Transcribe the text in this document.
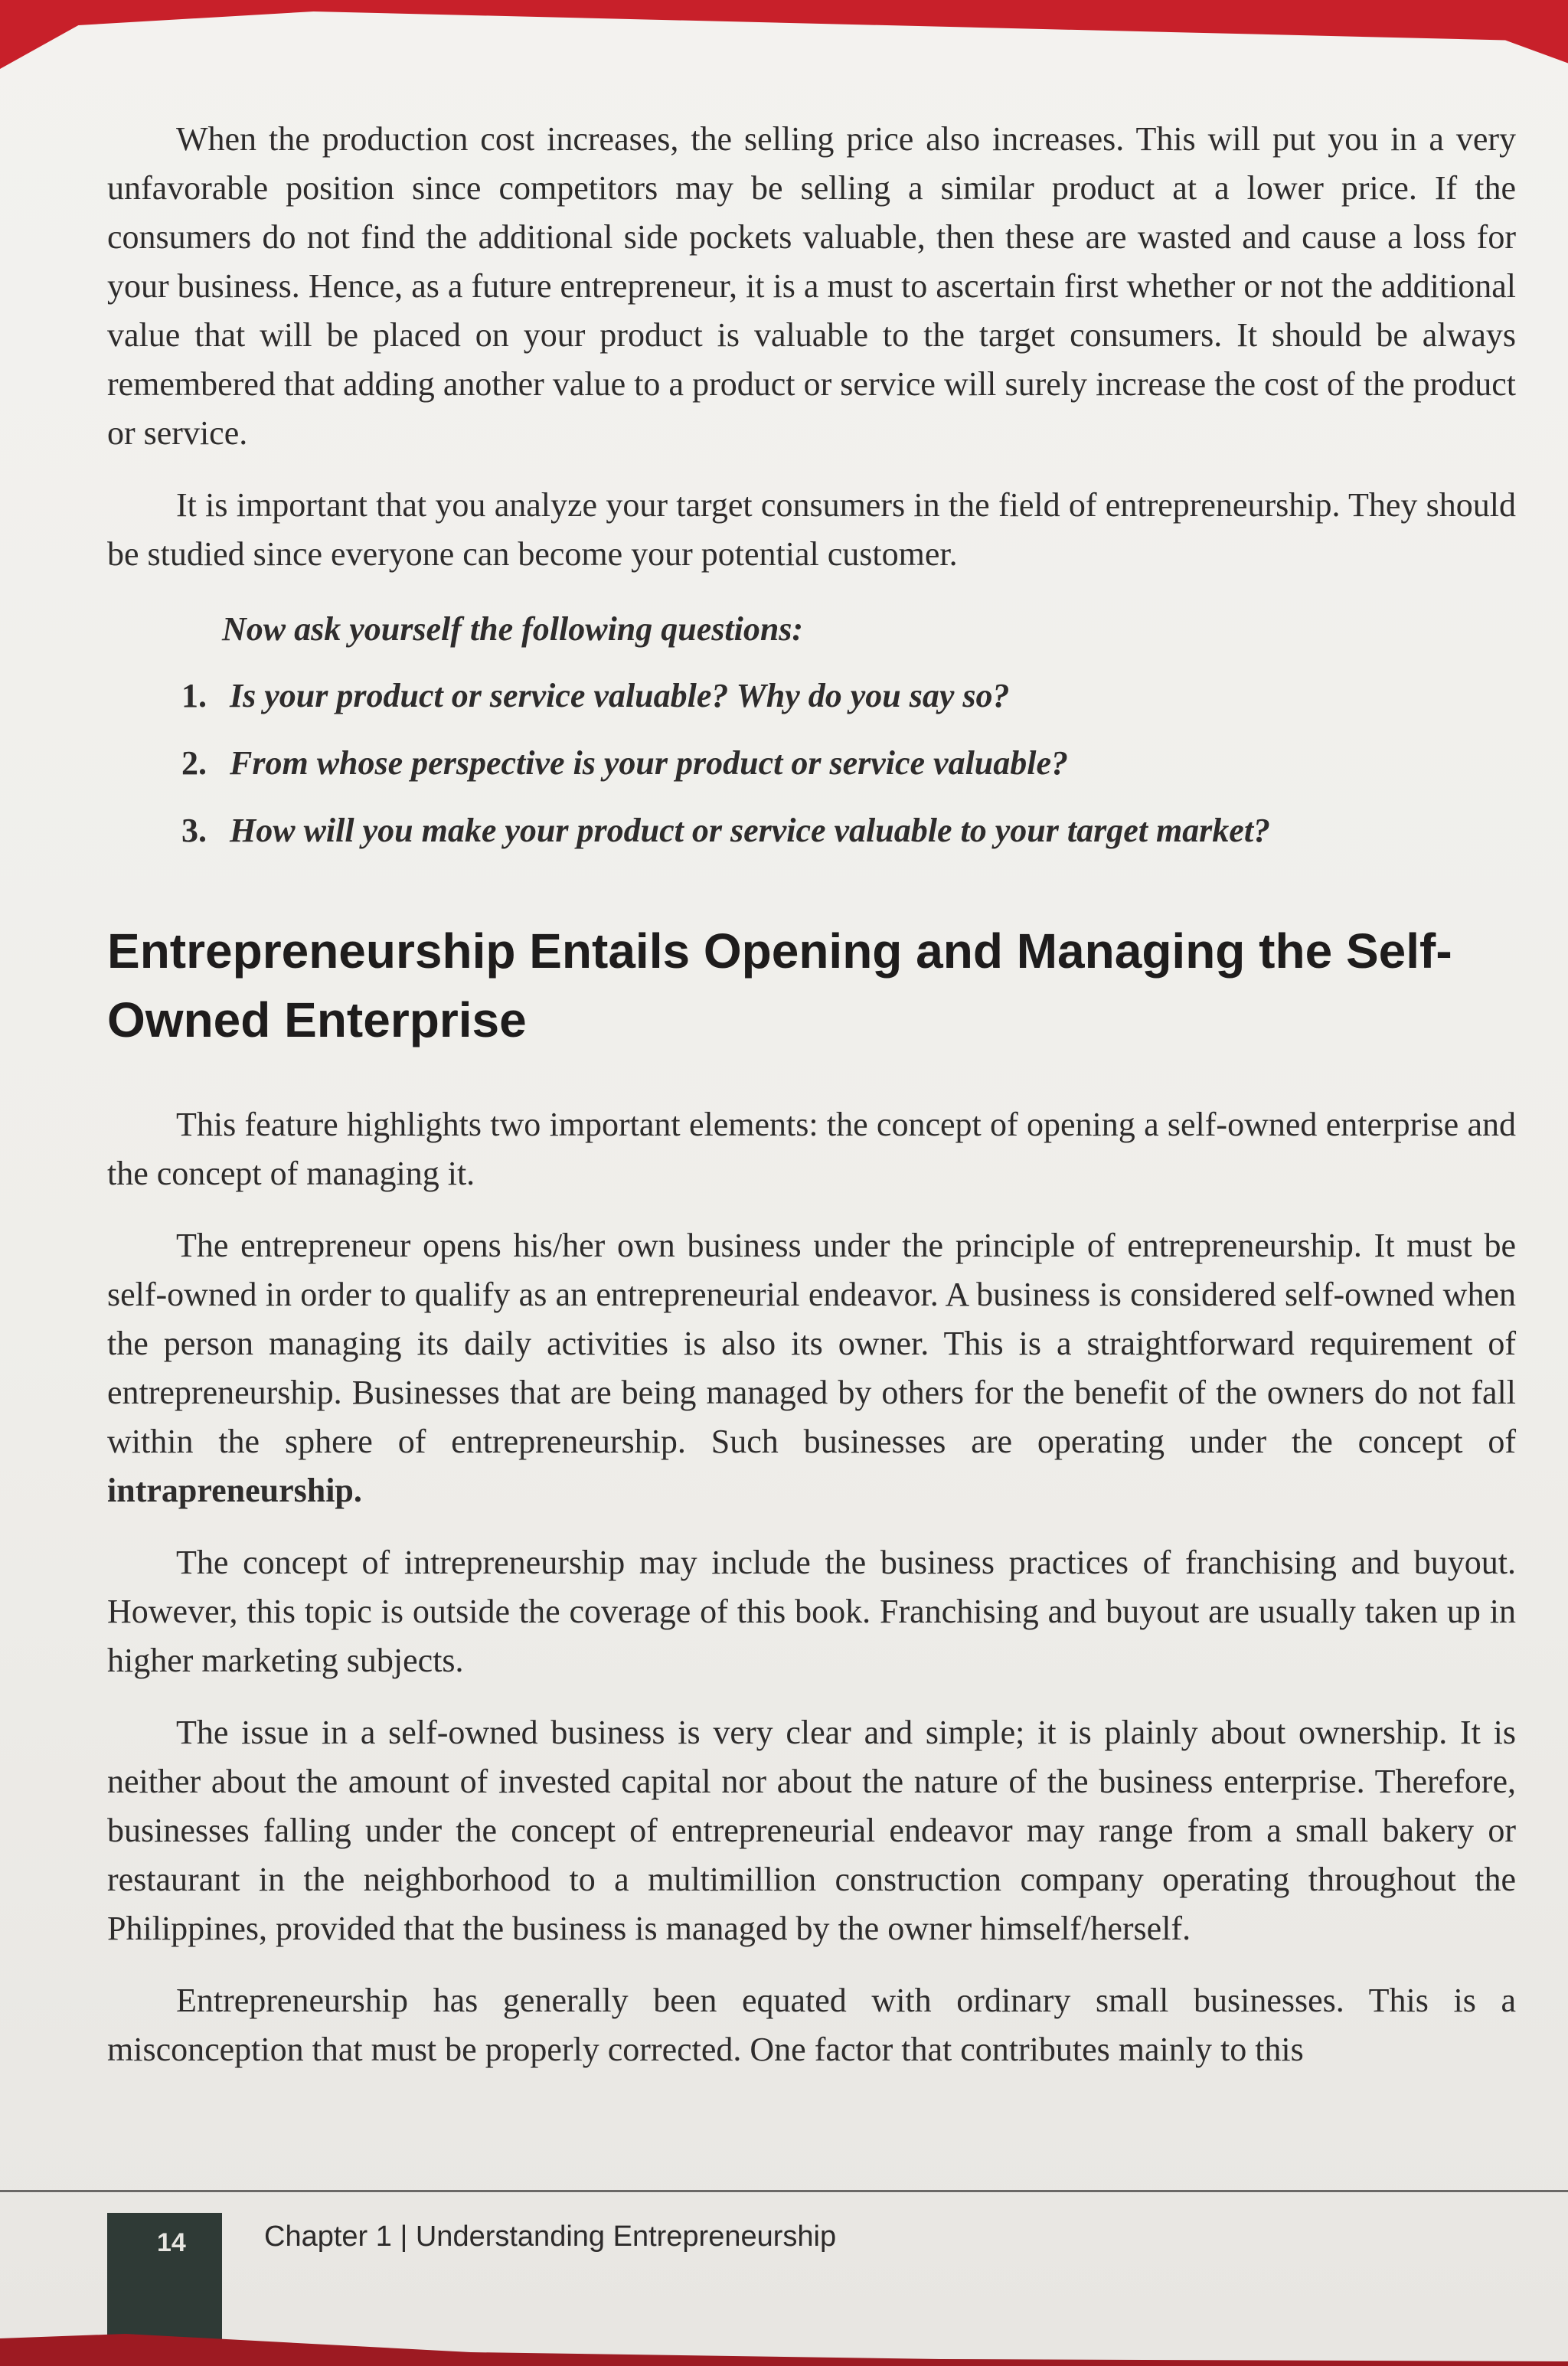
When the production cost increases, the selling price also increases. This will put you in a very unfavorable position since competitors may be selling a similar product at a lower price. If the consumers do not find the additional side pockets valuable, then these are wasted and cause a loss for your business. Hence, as a future entrepreneur, it is a must to ascertain first whether or not the additional value that will be placed on your product is valuable to the target consumers. It should be always remembered that adding another value to a product or service will surely increase the cost of the product or service.

It is important that you analyze your target consumers in the field of entrepreneurship. They should be studied since everyone can become your potential customer.

Now ask yourself the following questions:
1. Is your product or service valuable? Why do you say so?
2. From whose perspective is your product or service valuable?
3. How will you make your product or service valuable to your target market?
Entrepreneurship Entails Opening and Managing the Self-Owned Enterprise

This feature highlights two important elements: the concept of opening a self-owned enterprise and the concept of managing it.

The entrepreneur opens his/her own business under the principle of entrepreneurship. It must be self-owned in order to qualify as an entrepreneurial endeavor. A business is considered self-owned when the person managing its daily activities is also its owner. This is a straightforward requirement of entrepreneurship. Businesses that are being managed by others for the benefit of the owners do not fall within the sphere of entrepreneurship. Such businesses are operating under the concept of intrapreneurship.

The concept of intrepreneurship may include the business practices of franchising and buyout. However, this topic is outside the coverage of this book. Franchising and buyout are usually taken up in higher marketing subjects.

The issue in a self-owned business is very clear and simple; it is plainly about ownership. It is neither about the amount of invested capital nor about the nature of the business enterprise. Therefore, businesses falling under the concept of entrepreneurial endeavor may range from a small bakery or restaurant in the neighborhood to a multimillion construction company operating throughout the Philippines, provided that the business is managed by the owner himself/herself.

Entrepreneurship has generally been equated with ordinary small businesses. This is a misconception that must be properly corrected. One factor that contributes mainly to this

14	Chapter 1 | Understanding Entrepreneurship
